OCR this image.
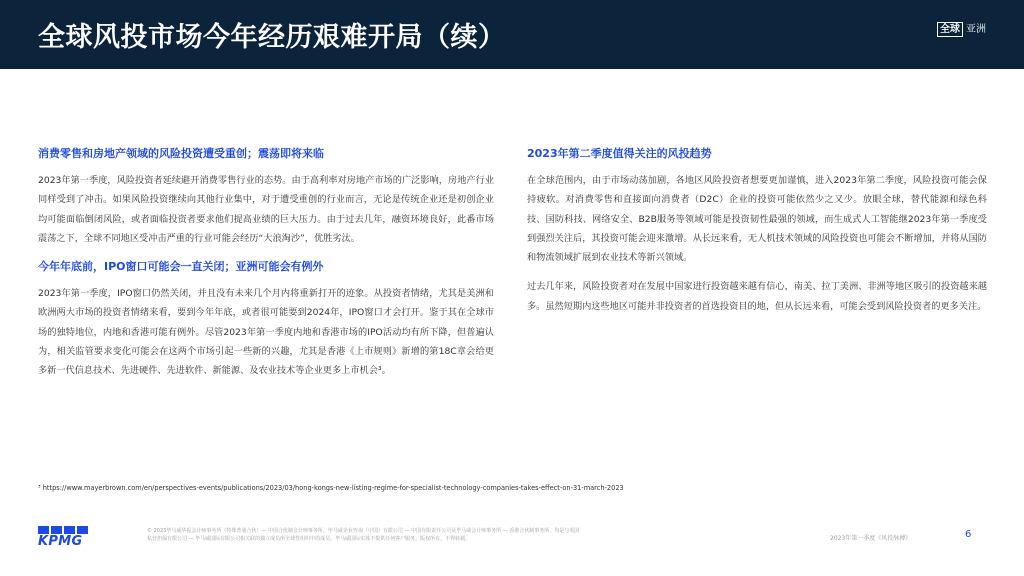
全球风投市场今年经历艰难开局（续）	全球 亚洲
消费零售和房地产领域的风险投资遭受重创；震荡即将来临

2023年第一季度，风险投资者延续避开消费零售行业的态势。由于高利率对房地产市场的广泛影响，房地产行业同样受到了冲击。如果风险投资继续向其他行业集中，对于遭受重创的行业而言，无论是传统企业还是初创企业均可能面临倒闭风险，或者面临投资者要求他们提高业绩的巨大压力。由于过去几年，融资环境良好，此番市场震荡之下，全球不同地区受冲击严重的行业可能会经历“大浪淘沙”，优胜劣汰。

今年年底前，IPO窗口可能会一直关闭；亚洲可能会有例外

2023年第一季度，IPO窗口仍然关闭，并且没有未来几个月内将重新打开的迹象。从投资者情绪，尤其是美洲和欧洲两大市场的投资者情绪来看，要到今年年底，或者很可能要到2024年，IPO窗口才会打开。鉴于其在全球市场的独特地位，内地和香港可能有例外。尽管2023年第一季度内地和香港市场的IPO活动均有所下降，但普遍认为，相关监管要求变化可能会在这两个市场引起一些新的兴趣，尤其是香港《上市规则》新增的第18C章会给更多新一代信息技术、先进硬件、先进软件、新能源、及农业技术等企业更多上市机会³。

2023年第二季度值得关注的风投趋势

在全球范围内，由于市场动荡加剧，各地区风险投资者想要更加谨慎，进入2023年第二季度，风险投资可能会保持疲软。对消费零售和直接面向消费者（D2C）企业的投资可能依然少之又少。放眼全球，替代能源和绿色科技、国防科技、网络安全、B2B服务等领域可能是投资韧性最强的领域，而生成式人工智能继2023年第一季度受到强烈关注后，其投资可能会迎来激增。从长远来看，无人机技术领域的风险投资也可能会不断增加，并将从国防和物流领域扩展到农业技术等新兴领域。

过去几年来，风险投资者对在发展中国家进行投资越来越有信心，南美、拉丁美洲、非洲等地区吸引的投资越来越多。虽然短期内这些地区可能并非投资者的首选投资目的地，但从长远来看，可能会受到风险投资者的更多关注。

³ https://www.mayerbrown.com/en/perspectives-events/publications/2023/03/hong-kongs-new-listing-regime-for-specialist-technology-companies-takes-effect-on-31-march-2023
KPMG
© 2023毕马威华振会计师事务所（特殊普通合伙）— 中国合伙制会计师事务所，毕马威企业咨询（中国）有限公司 — 中国有限责任公司及毕马威会计师事务所 — 香港合伙制事务所，均是与英国
私营担保有限公司 — 毕马威国际有限公司相关联的独立成员所全球性组织中的成员。毕马威国际实体不提供任何客户服务。版权所有，不得转载。	2023年第一季度《风投脉搏》	6
